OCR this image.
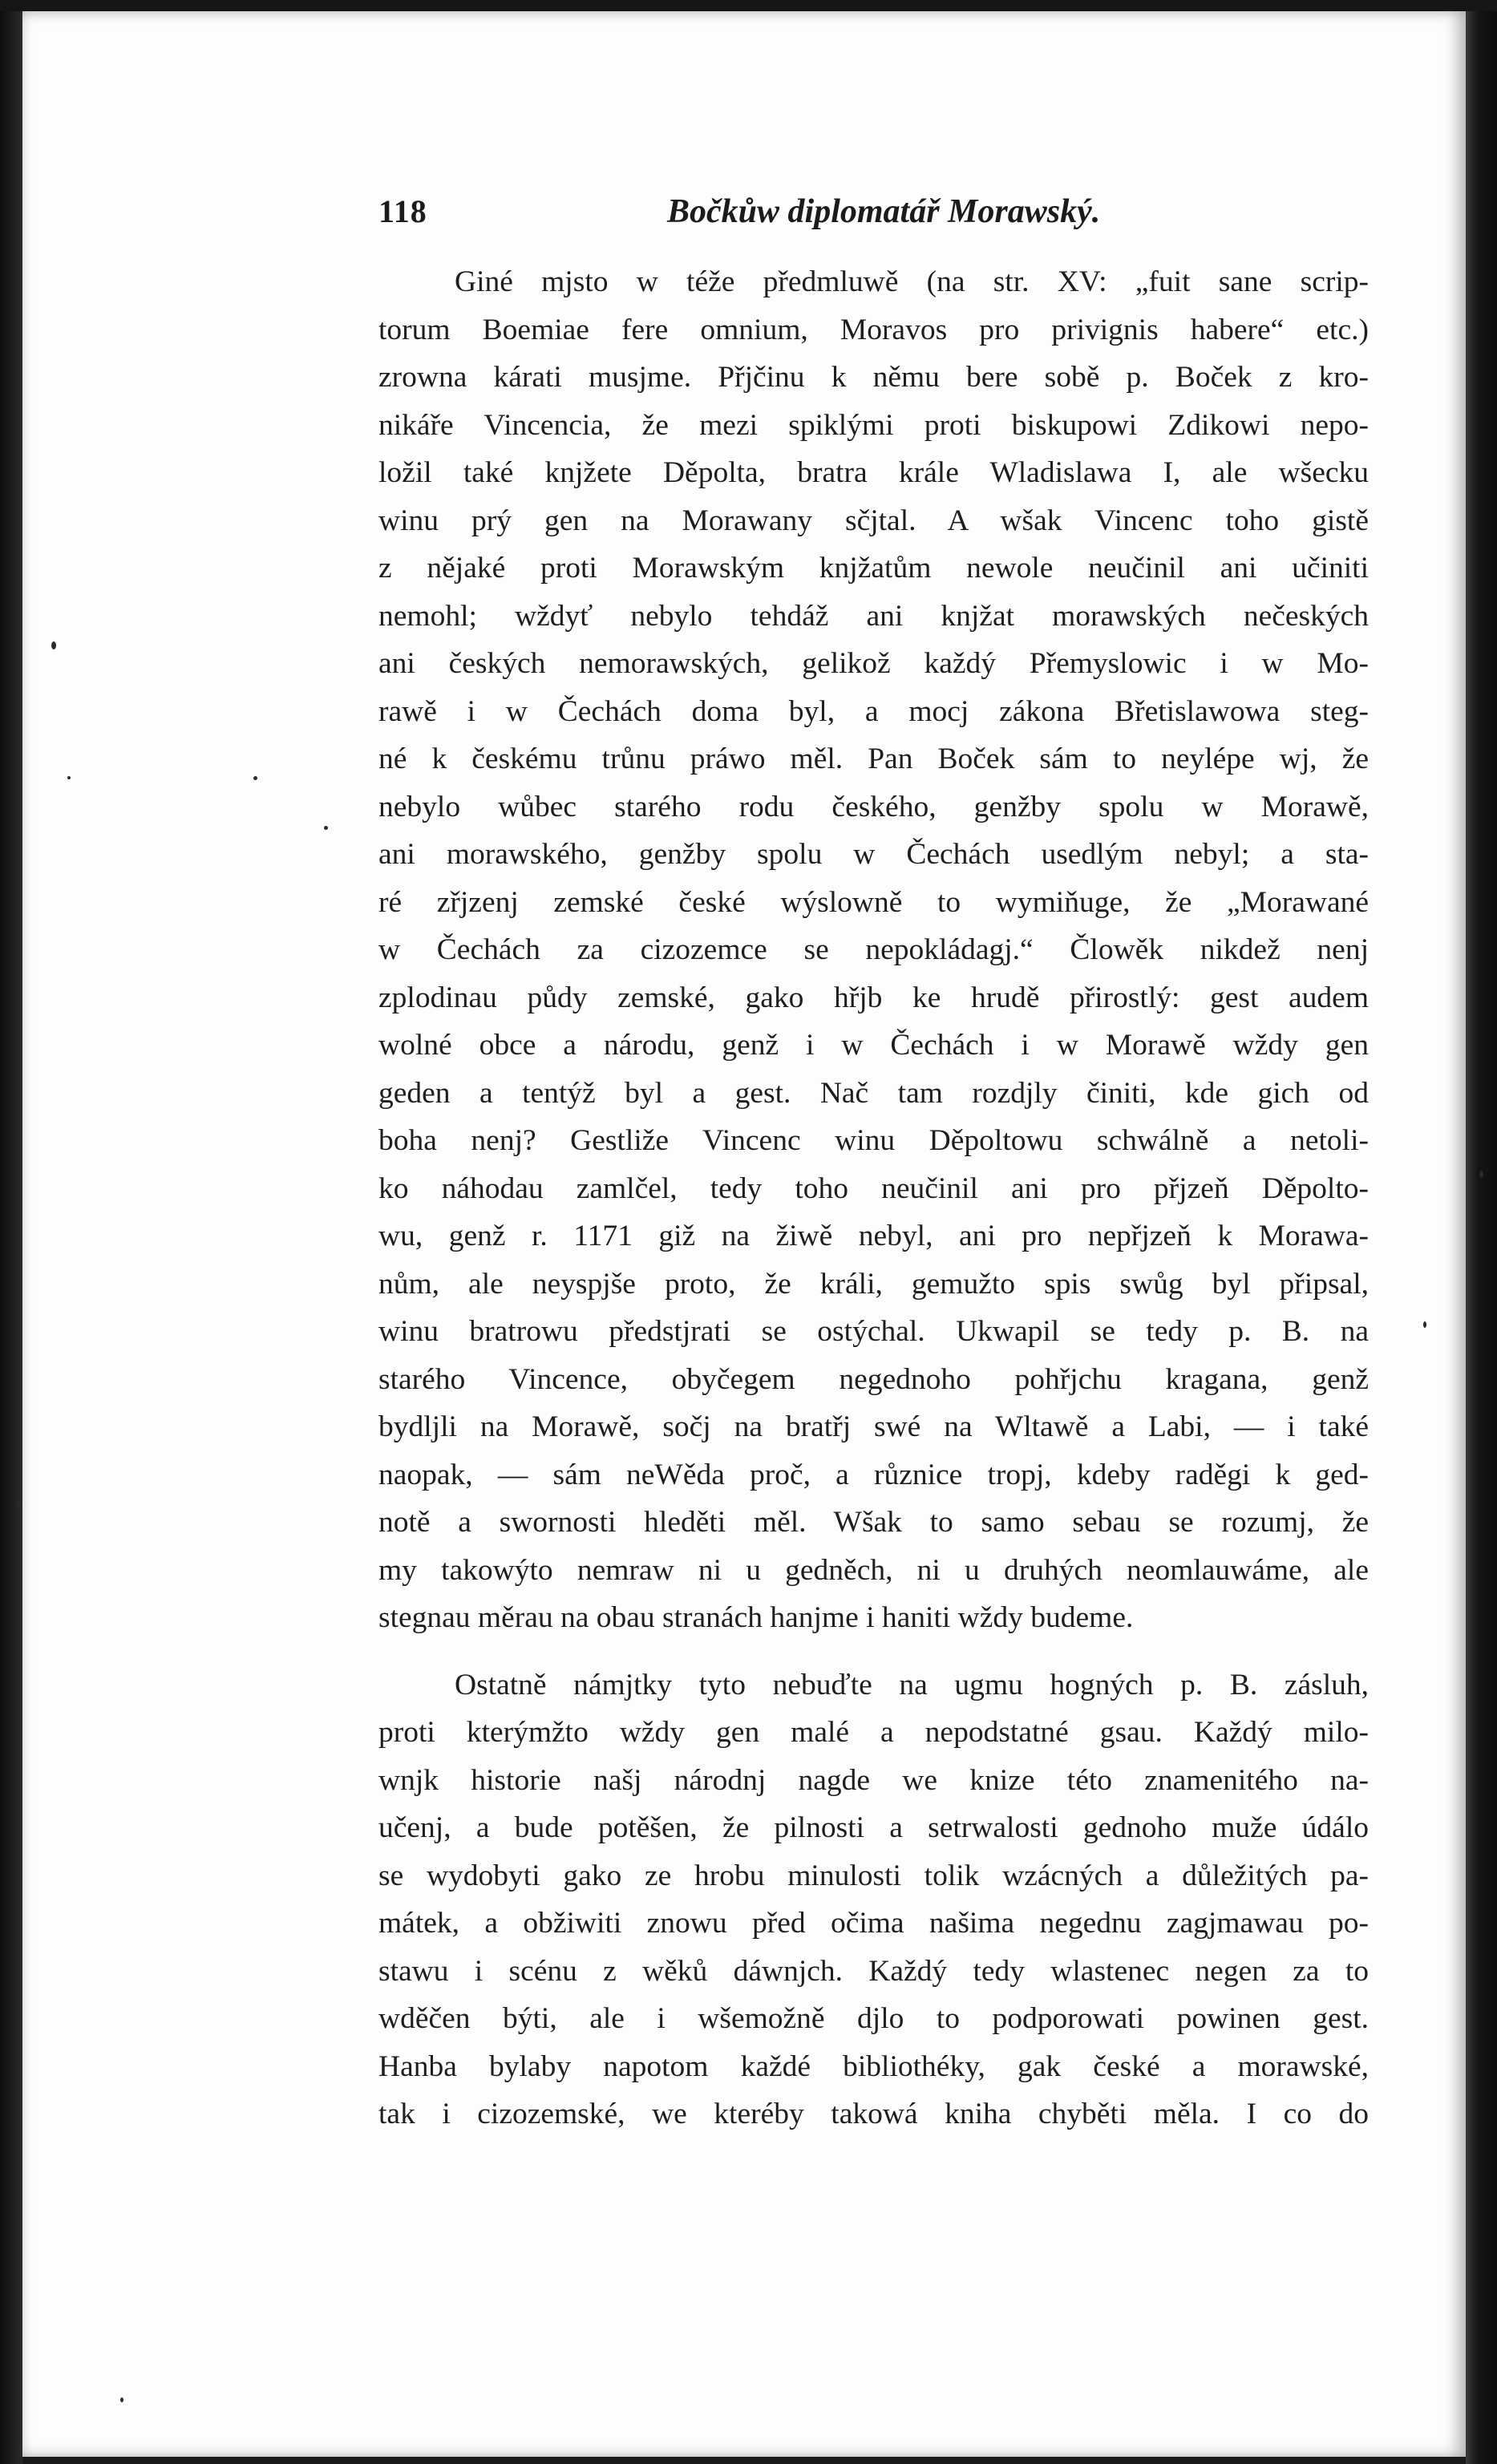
118	Bočkůw diplomatář Morawský.
Giné mjsto w téže předmluwě (na str. XV: „fuit sane scrip-
torum Boemiae fere omnium, Moravos pro privignis habere“ etc.)
zrowna kárati musjme. Přjčinu k němu bere sobě p. Boček z kro-
nikáře Vincencia, že mezi spiklými proti biskupowi Zdikowi nepo-
ložil také knjžete Děpolta, bratra krále Wladislawa I, ale wšecku
winu prý gen na Morawany sčjtal. A wšak Vincenc toho gistě
z nějaké proti Morawským knjžatům newole neučinil ani učiniti
nemohl; wždyť nebylo tehdáž ani knjžat morawských nečeských
ani českých nemorawských, gelikož každý Přemyslowic i w Mo-
rawě i w Čechách doma byl, a mocj zákona Břetislawowa steg-
né k českému trůnu práwo měl. Pan Boček sám to neylépe wj, že
nebylo wůbec starého rodu českého, genžby spolu w Morawě,
ani morawského, genžby spolu w Čechách usedlým nebyl; a sta-
ré zřjzenj zemské české wýslowně to wymiňuge, že „Morawané
w Čechách za cizozemce se nepokládagj.“ Člowěk nikdež nenj
zplodinau půdy zemské, gako hřjb ke hrudě přirostlý: gest audem
wolné obce a národu, genž i w Čechách i w Morawě wždy gen
geden a tentýž byl a gest. Nač tam rozdjly činiti, kde gich od
boha nenj? Gestliže Vincenc winu Děpoltowu schwálně a netoli-
ko náhodau zamlčel, tedy toho neučinil ani pro přjzeň Děpolto-
wu, genž r. 1171 giž na žiwě nebyl, ani pro nepřjzeň k Morawa-
nům, ale neyspjše proto, že králi, gemužto spis swůg byl připsal,
winu bratrowu předstjrati se ostýchal. Ukwapil se tedy p. B. na
starého Vincence, obyčegem negednoho pohřjchu kragana, genž
bydljli na Morawě, sočj na bratřj swé na Wltawě a Labi, — i také
naopak, — sám neWěda proč, a různice tropj, kdeby raděgi k ged-
notě a swornosti hleděti měl. Wšak to samo sebau se rozumj, že
my takowýto nemraw ni u gedněch, ni u druhých neomlauwáme, ale
stegnau měrau na obau stranách hanjme i haniti wždy budeme.
Ostatně námjtky tyto nebuďte na ugmu hogných p. B. zásluh,
proti kterýmžto wždy gen malé a nepodstatné gsau. Každý milo-
wnjk historie našj národnj nagde we knize této znamenitého na-
učenj, a bude potěšen, že pilnosti a setrwalosti gednoho muže údálo
se wydobyti gako ze hrobu minulosti tolik wzácných a důležitých pa-
mátek, a obžiwiti znowu před očima našima negednu zagjmawau po-
stawu i scénu z wěků dáwnjch. Každý tedy wlastenec negen za to
wděčen býti, ale i wšemožně djlo to podporowati powinen gest.
Hanba bylaby napotom každé bibliothéky, gak české a morawské,
tak i cizozemské, we kteréby takowá kniha chyběti měla. I co do
